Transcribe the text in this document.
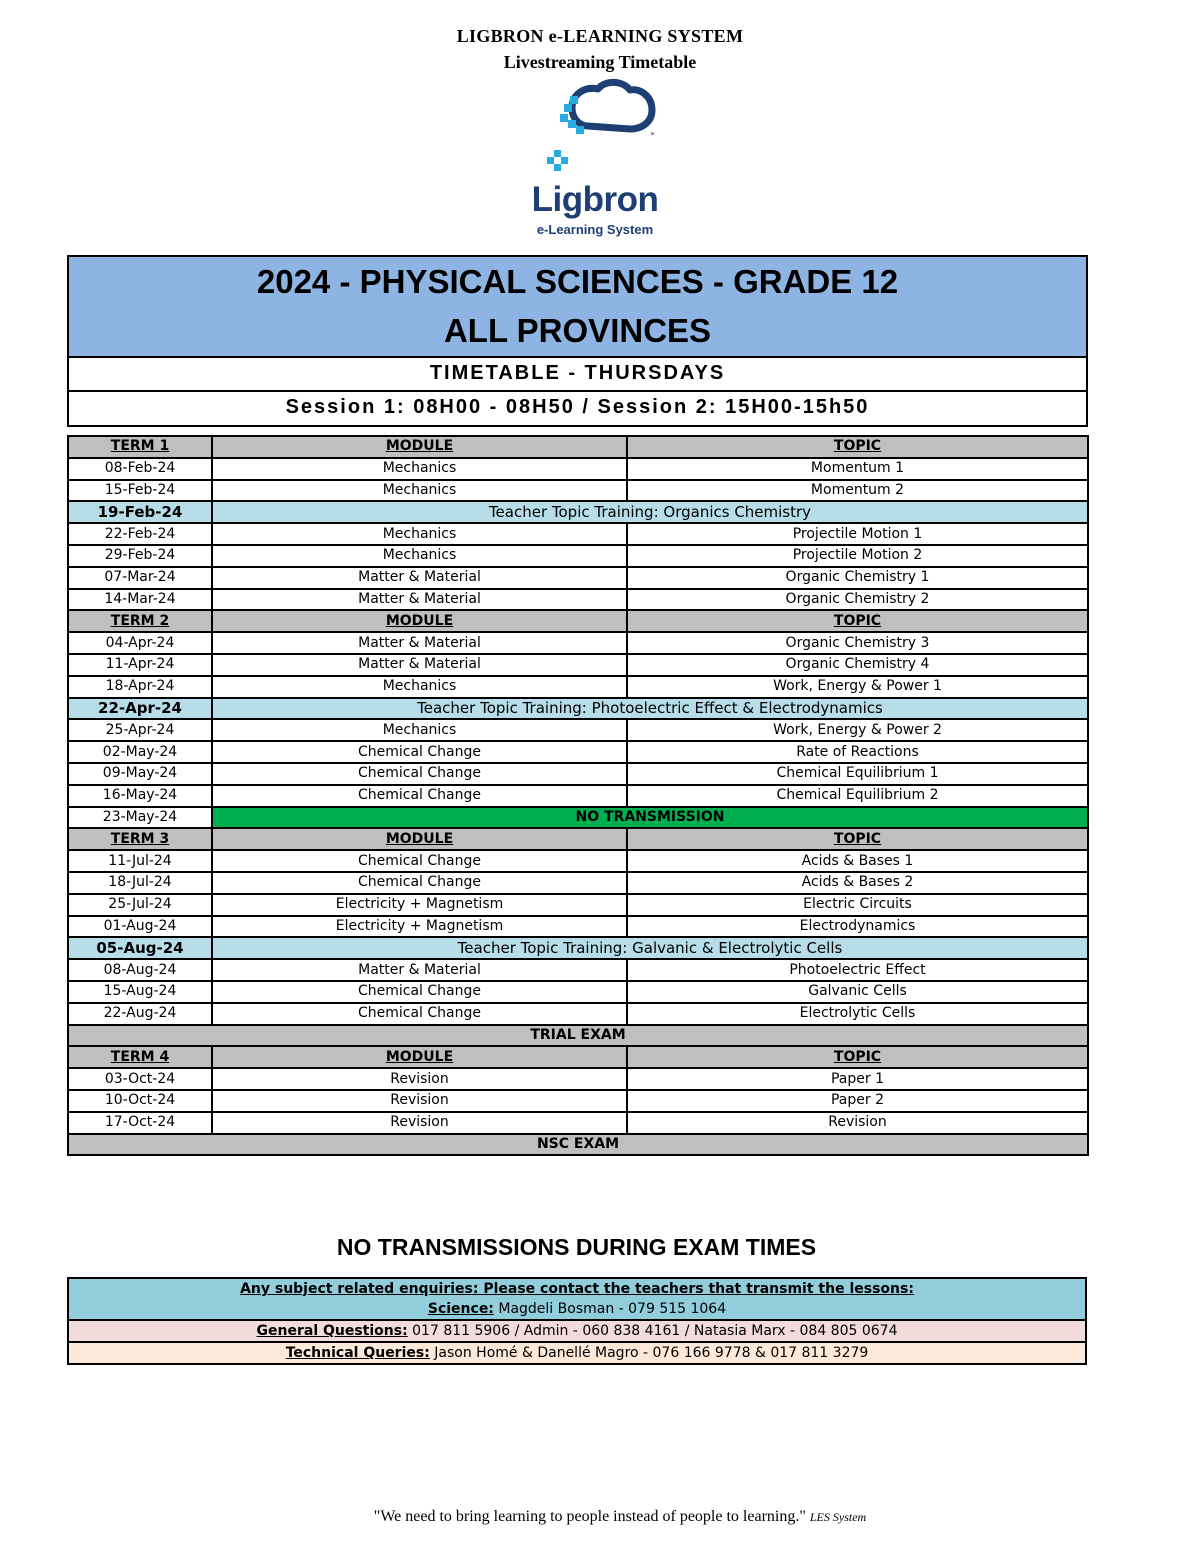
LIGBRON e-LEARNING SYSTEM
Livestreaming Timetable
»
Ligbron
e-Learning System
2024 - PHYSICAL SCIENCES - GRADE 12
ALL PROVINCES
TIMETABLE - THURSDAYS
Session 1: 08H00 - 08H50 / Session 2: 15H00-15h50
TERM 1	MODULE	TOPIC
08-Feb-24	Mechanics	Momentum 1
15-Feb-24	Mechanics	Momentum 2
19-Feb-24	Teacher Topic Training: Organics Chemistry	
22-Feb-24	Mechanics	Projectile Motion 1
29-Feb-24	Mechanics	Projectile Motion 2
07-Mar-24	Matter & Material	Organic Chemistry 1
14-Mar-24	Matter & Material	Organic Chemistry 2
TERM 2	MODULE	TOPIC
04-Apr-24	Matter & Material	Organic Chemistry 3
11-Apr-24	Matter & Material	Organic Chemistry 4
18-Apr-24	Mechanics	Work, Energy & Power 1
22-Apr-24	Teacher Topic Training: Photoelectric Effect & Electrodynamics	
25-Apr-24	Mechanics	Work, Energy & Power 2
02-May-24	Chemical Change	Rate of Reactions
09-May-24	Chemical Change	Chemical Equilibrium 1
16-May-24	Chemical Change	Chemical Equilibrium 2
23-May-24	NO TRANSMISSION	
TERM 3	MODULE	TOPIC
11-Jul-24	Chemical Change	Acids & Bases 1
18-Jul-24	Chemical Change	Acids & Bases 2
25-Jul-24	Electricity + Magnetism	Electric Circuits
01-Aug-24	Electricity + Magnetism	Electrodynamics
05-Aug-24	Teacher Topic Training: Galvanic & Electrolytic Cells	
08-Aug-24	Matter & Material	Photoelectric Effect
15-Aug-24	Chemical Change	Galvanic Cells
22-Aug-24	Chemical Change	Electrolytic Cells
TRIAL EXAM		
TERM 4	MODULE	TOPIC
03-Oct-24	Revision	Paper 1
10-Oct-24	Revision	Paper 2
17-Oct-24	Revision	Revision
NSC EXAM		
NO TRANSMISSIONS DURING EXAM TIMES
Any subject related enquiries: Please contact the teachers that transmit the lessons:
Science: Magdeli Bosman - 079 515 1064

General Questions: 017 811 5906 / Admin - 060 838 4161 / Natasia Marx - 084 805 0674
Technical Queries: Jason Homé & Danellé Magro - 076 166 9778 & 017 811 3279
"We need to bring learning to people instead of people to learning." LES System
